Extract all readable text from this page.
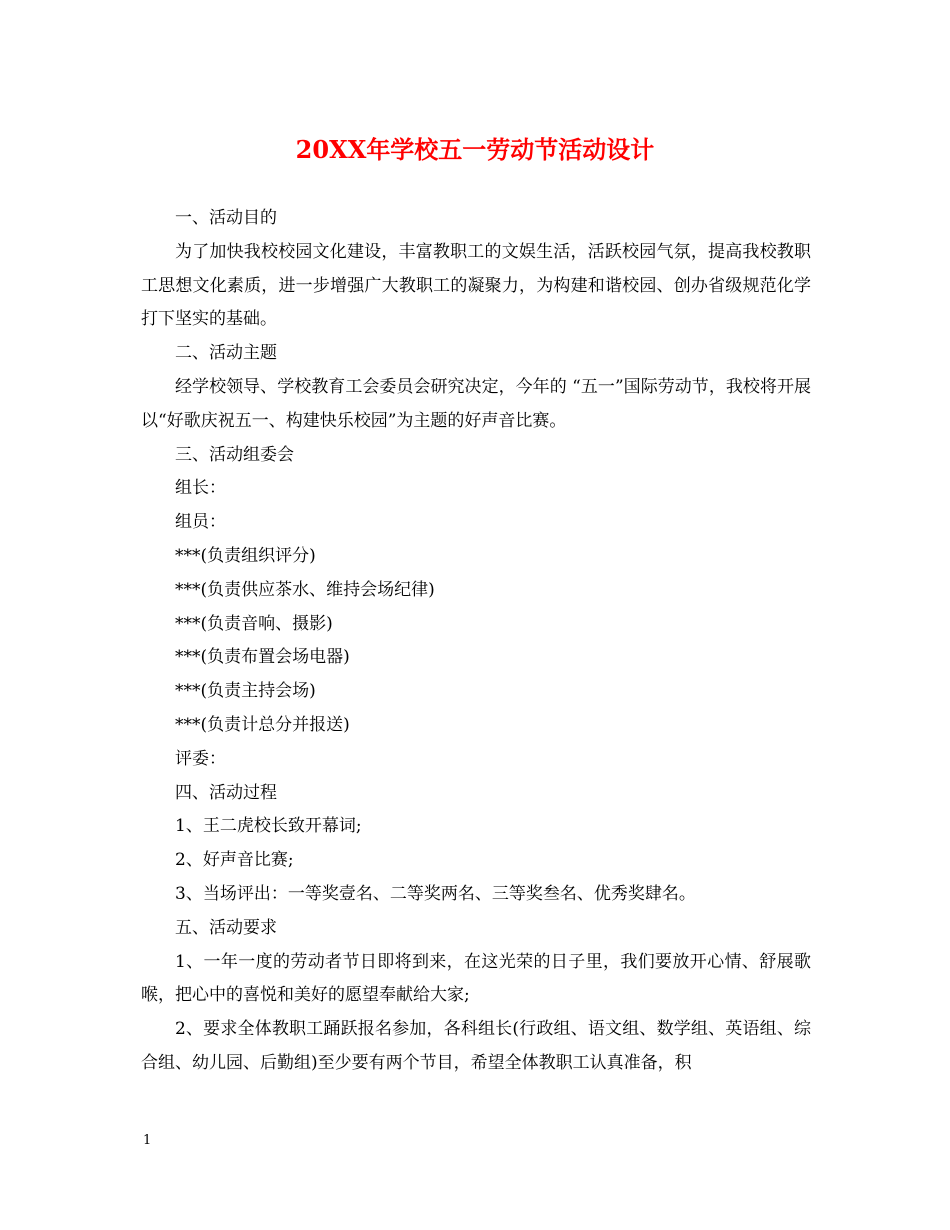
20XX年学校五一劳动节活动设计

一、活动目的

为了加快我校校园文化建设，丰富教职工的文娱生活，活跃校园气氛，提高我校教职工思想文化素质，进一步增强广大教职工的凝聚力，为构建和谐校园、创办省级规范化学打下坚实的基础。

二、活动主题

经学校领导、学校教育工会委员会研究决定，今年的 “五一”国际劳动节，我校将开展以“好歌庆祝五一、构建快乐校园”为主题的好声音比赛。

三、活动组委会

组长：

组员：

***(负责组织评分)

***(负责供应茶水、维持会场纪律)

***(负责音响、摄影)

***(负责布置会场电器)

***(负责主持会场)

***(负责计总分并报送)

评委：

四、活动过程

1、王二虎校长致开幕词;

2、好声音比赛;

3、当场评出：一等奖壹名、二等奖两名、三等奖叁名、优秀奖肆名。

五、活动要求

1、一年一度的劳动者节日即将到来，在这光荣的日子里，我们要放开心情、舒展歌喉，把心中的喜悦和美好的愿望奉献给大家;

2、要求全体教职工踊跃报名参加，各科组长(行政组、语文组、数学组、英语组、综合组、幼儿园、后勤组)至少要有两个节目，希望全体教职工认真准备，积

1
